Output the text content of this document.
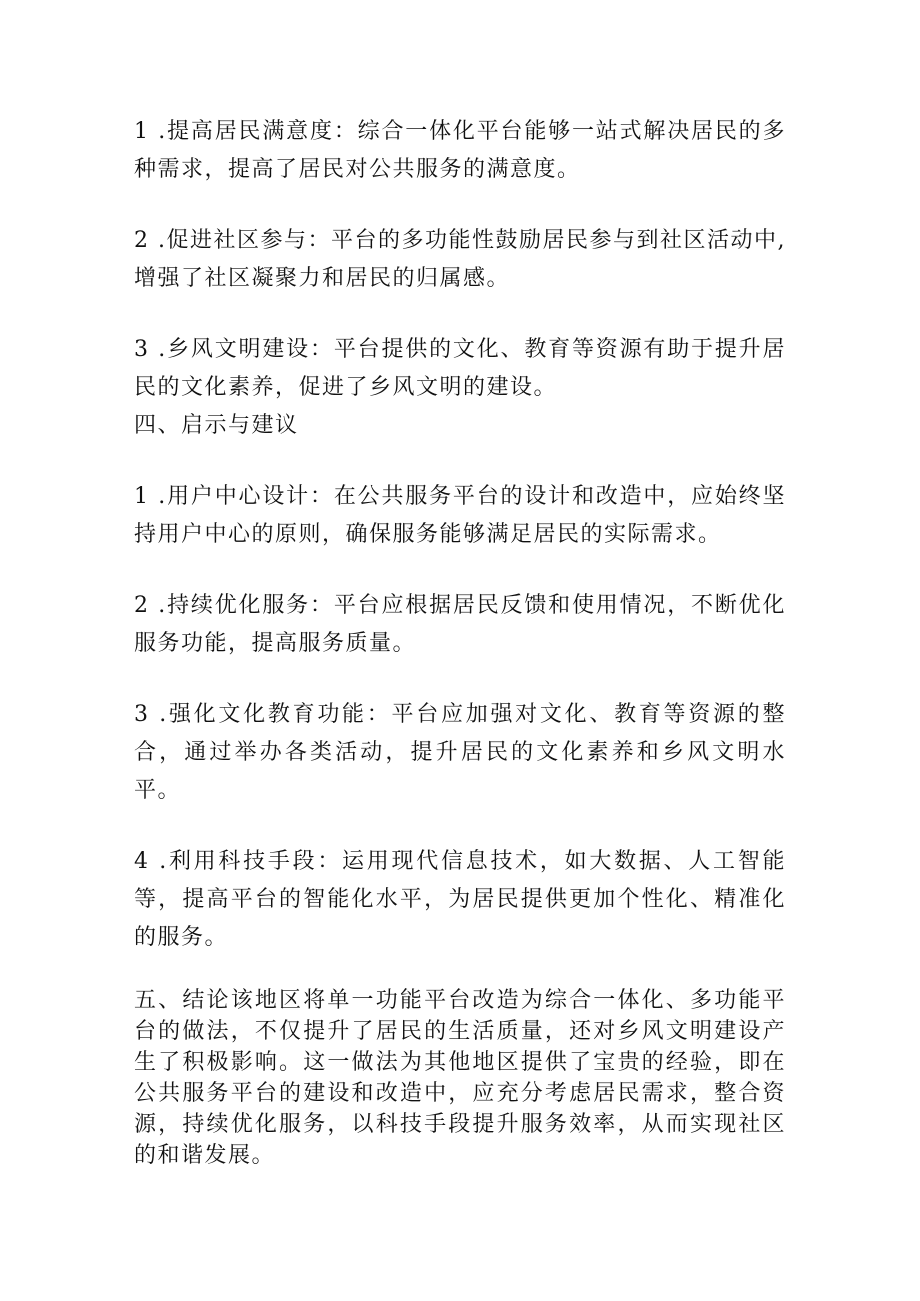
1 .提高居民满意度：综合一体化平台能够一站式解决居民的多种需求，提高了居民对公共服务的满意度。

2 .促进社区参与：平台的多功能性鼓励居民参与到社区活动中,增强了社区凝聚力和居民的归属感。

3 .乡风文明建设：平台提供的文化、教育等资源有助于提升居民的文化素养，促进了乡风文明的建设。

四、启示与建议

1 .用户中心设计：在公共服务平台的设计和改造中，应始终坚持用户中心的原则，确保服务能够满足居民的实际需求。

2 .持续优化服务：平台应根据居民反馈和使用情况，不断优化服务功能，提高服务质量。

3 .强化文化教育功能：平台应加强对文化、教育等资源的整合，通过举办各类活动，提升居民的文化素养和乡风文明水平。

4 .利用科技手段：运用现代信息技术，如大数据、人工智能等，提高平台的智能化水平，为居民提供更加个性化、精准化的服务。

五、结论该地区将单一功能平台改造为综合一体化、多功能平台的做法，不仅提升了居民的生活质量，还对乡风文明建设产生了积极影响。这一做法为其他地区提供了宝贵的经验，即在公共服务平台的建设和改造中，应充分考虑居民需求，整合资源，持续优化服务，以科技手段提升服务效率，从而实现社区的和谐发展。
